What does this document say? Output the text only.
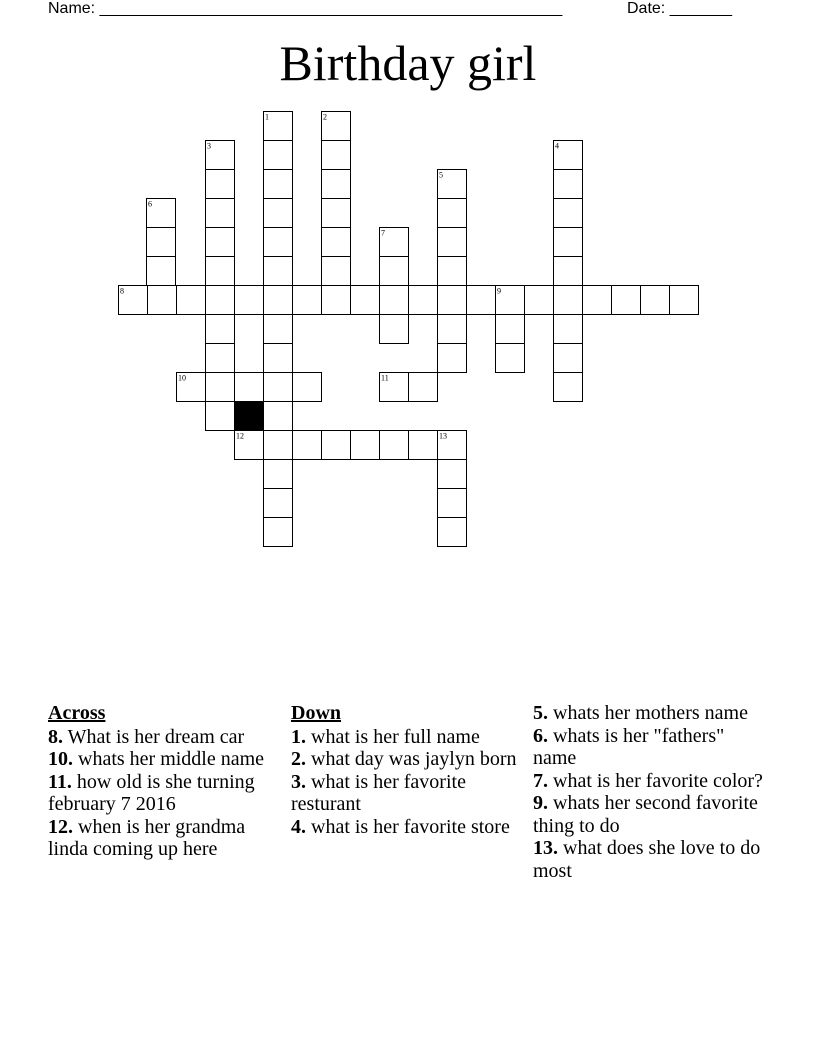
Name: ____________________________________________________	Date: _______
Birthday girl
1	2
3	4
5
6
7
8	9
10	11
12	13
Across

8. What is her dream car

10. whats her middle name

11. how old is she turning february 7 2016

12. when is her grandma linda coming up here

Down

1. what is her full name

2. what day was jaylyn born

3. what is her favorite resturant

4. what is her favorite store

5. whats her mothers name

6. whats is her "fathers" name

7. what is her favorite color?

9. whats her second favorite thing to do

13. what does she love to do most
